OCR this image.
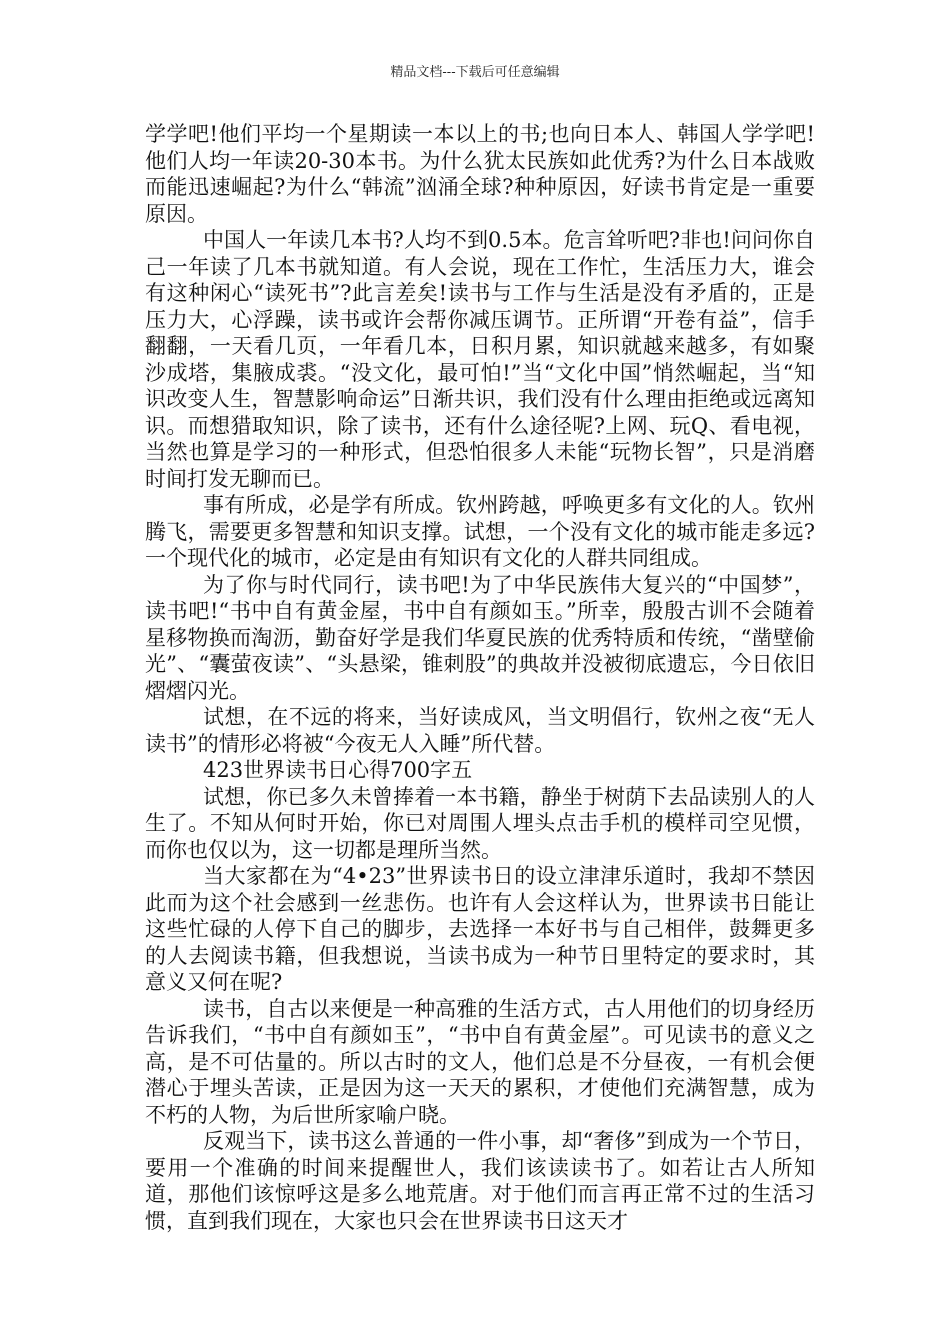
精品文档---下载后可任意编辑

学学吧!他们平均一个星期读一本以上的书;也向日本人、韩国人学学吧!他们人均一年读20-30本书。为什么犹太民族如此优秀?为什么日本战败而能迅速崛起?为什么“韩流”汹涌全球?种种原因，好读书肯定是一重要原因。

中国人一年读几本书?人均不到0.5本。危言耸听吧?非也!问问你自己一年读了几本书就知道。有人会说，现在工作忙，生活压力大，谁会有这种闲心“读死书”?此言差矣!读书与工作与生活是没有矛盾的，正是压力大，心浮躁，读书或许会帮你减压调节。正所谓“开卷有益”，信手翻翻，一天看几页，一年看几本，日积月累，知识就越来越多，有如聚沙成塔，集腋成裘。“没文化，最可怕!”当“文化中国”悄然崛起，当“知识改变人生，智慧影响命运”日渐共识，我们没有什么理由拒绝或远离知识。而想猎取知识，除了读书，还有什么途径呢?上网、玩Q、看电视，当然也算是学习的一种形式，但恐怕很多人未能“玩物长智”，只是消磨时间打发无聊而已。

事有所成，必是学有所成。钦州跨越，呼唤更多有文化的人。钦州腾飞，需要更多智慧和知识支撑。试想，一个没有文化的城市能走多远?一个现代化的城市，必定是由有知识有文化的人群共同组成。

为了你与时代同行，读书吧!为了中华民族伟大复兴的“中国梦”，读书吧!“书中自有黄金屋，书中自有颜如玉。”所幸，殷殷古训不会随着星移物换而淘沥，勤奋好学是我们华夏民族的优秀特质和传统，“凿壁偷光”、“囊萤夜读”、“头悬梁，锥刺股”的典故并没被彻底遗忘，今日依旧熠熠闪光。

试想，在不远的将来，当好读成风，当文明倡行，钦州之夜“无人读书”的情形必将被“今夜无人入睡”所代替。

423世界读书日心得700字五

试想，你已多久未曾捧着一本书籍，静坐于树荫下去品读别人的人生了。不知从何时开始，你已对周围人埋头点击手机的模样司空见惯，而你也仅以为，这一切都是理所当然。

当大家都在为“4•23”世界读书日的设立津津乐道时，我却不禁因此而为这个社会感到一丝悲伤。也许有人会这样认为，世界读书日能让这些忙碌的人停下自己的脚步，去选择一本好书与自己相伴，鼓舞更多的人去阅读书籍，但我想说，当读书成为一种节日里特定的要求时，其意义又何在呢?

读书，自古以来便是一种高雅的生活方式，古人用他们的切身经历告诉我们，“书中自有颜如玉”，“书中自有黄金屋”。可见读书的意义之高，是不可估量的。所以古时的文人，他们总是不分昼夜，一有机会便潜心于埋头苦读，正是因为这一天天的累积，才使他们充满智慧，成为不朽的人物，为后世所家喻户晓。

反观当下，读书这么普通的一件小事，却“奢侈”到成为一个节日，要用一个准确的时间来提醒世人，我们该读读书了。如若让古人所知道，那他们该惊呼这是多么地荒唐。对于他们而言再正常不过的生活习惯，直到我们现在，大家也只会在世界读书日这天才
